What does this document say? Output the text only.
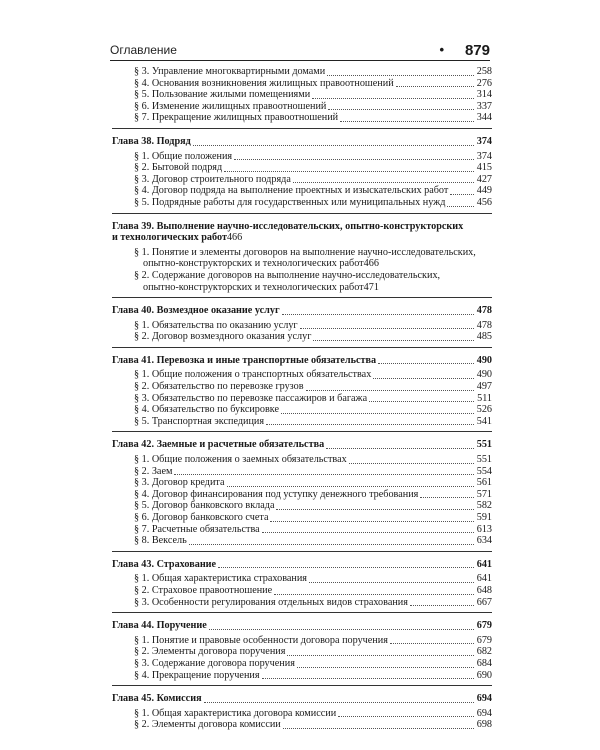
Оглавление	• 879
§ 3. Управление многоквартирными домами	258
§ 4. Основания возникновения жилищных правоотношений	276
§ 5. Пользование жилыми помещениями	314
§ 6. Изменение жилищных правоотношений	337
§ 7. Прекращение жилищных правоотношений	344
Глава 38. Подряд	374
§ 1. Общие положения	374
§ 2. Бытовой подряд	415
§ 3. Договор строительного подряда	427
§ 4. Договор подряда на выполнение проектных и изыскательских работ	449
§ 5. Подрядные работы для государственных или муниципальных нужд	456
Глава 39. Выполнение научно-исследовательских, опытно-конструкторских
и технологических работ 466
§ 1. Понятие и элементы договоров на выполнение научно-исследовательских,
опытно-конструкторских и технологических работ 466
§ 2. Содержание договоров на выполнение научно-исследовательских,
опытно-конструкторских и технологических работ 471
Глава 40. Возмездное оказание услуг	478
§ 1. Обязательства по оказанию услуг	478
§ 2. Договор возмездного оказания услуг	485
Глава 41. Перевозка и иные транспортные обязательства	490
§ 1. Общие положения о транспортных обязательствах	490
§ 2. Обязательство по перевозке грузов	497
§ 3. Обязательство по перевозке пассажиров и багажа	511
§ 4. Обязательство по буксировке	526
§ 5. Транспортная экспедиция	541
Глава 42. Заемные и расчетные обязательства	551
§ 1. Общие положения о заемных обязательствах	551
§ 2. Заем	554
§ 3. Договор кредита	561
§ 4. Договор финансирования под уступку денежного требования	571
§ 5. Договор банковского вклада	582
§ 6. Договор банковского счета	591
§ 7. Расчетные обязательства	613
§ 8. Вексель	634
Глава 43. Страхование	641
§ 1. Общая характеристика страхования	641
§ 2. Страховое правоотношение	648
§ 3. Особенности регулирования отдельных видов страхования	667
Глава 44. Поручение	679
§ 1. Понятие и правовые особенности договора поручения	679
§ 2. Элементы договора поручения	682
§ 3. Содержание договора поручения	684
§ 4. Прекращение поручения	690
Глава 45. Комиссия	694
§ 1. Общая характеристика договора комиссии	694
§ 2. Элементы договора комиссии	698
